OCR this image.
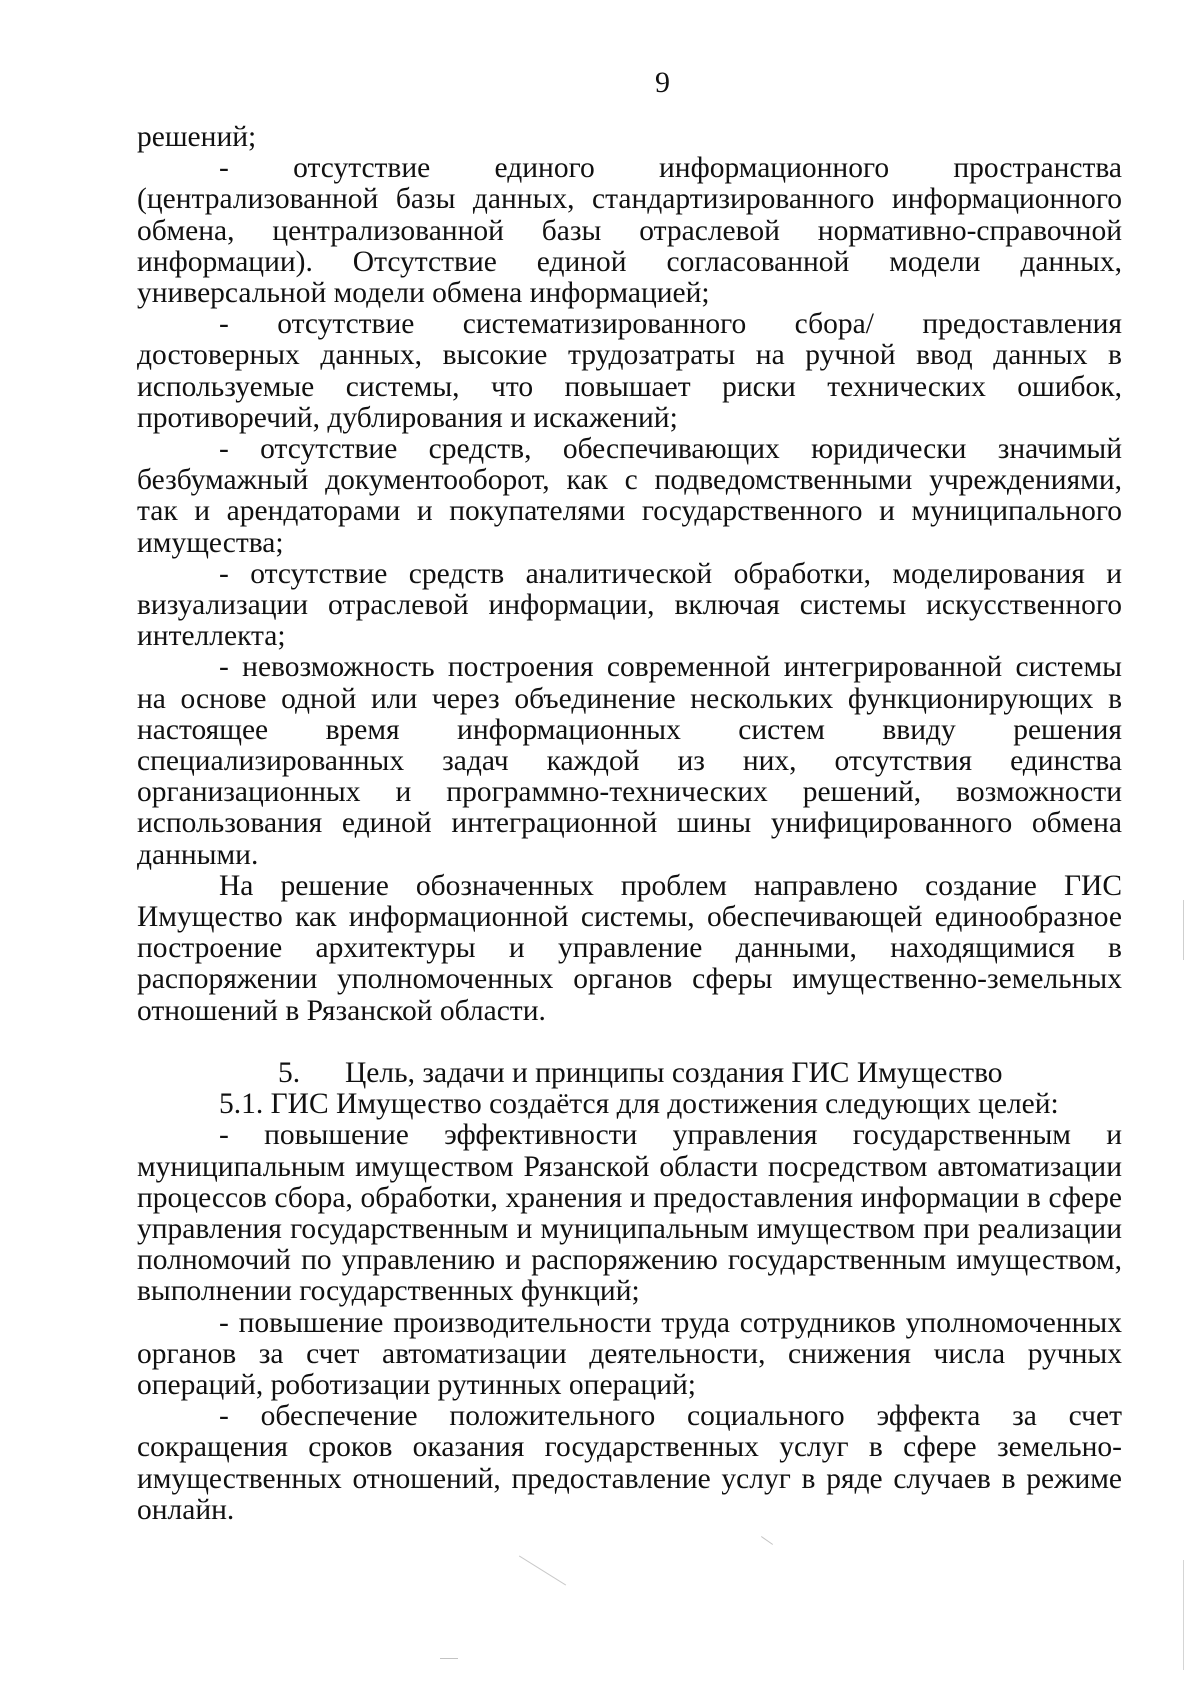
9

решений;

- отсутствие единого информационного пространства (централизованной базы данных, стандартизированного информационного обмена, централизованной базы отраслевой нормативно-справочной информации). Отсутствие единой согласованной модели данных, универсальной модели обмена информацией;

- отсутствие систематизированного сбора/ предоставления достоверных данных, высокие трудозатраты на ручной ввод данных в используемые системы, что повышает риски технических ошибок, противоречий, дублирования и искажений;

- отсутствие средств, обеспечивающих юридически значимый безбумажный документооборот, как с подведомственными учреждениями, так и арендаторами и покупателями государственного и муниципального имущества;

- отсутствие средств аналитической обработки, моделирования и визуализации отраслевой информации, включая системы искусственного интеллекта;

- невозможность построения современной интегрированной системы на основе одной или через объединение нескольких функционирующих в настоящее время информационных систем ввиду решения специализированных задач каждой из них, отсутствия единства организационных и программно-технических решений, возможности использования единой интеграционной шины унифицированного обмена данными.

На решение обозначенных проблем направлено создание ГИС Имущество как информационной системы, обеспечивающей единообразное построение архитектуры и управление данными, находящимися в распоряжении уполномоченных органов сферы имущественно-земельных отношений в Рязанской области.

5. Цель, задачи и принципы создания ГИС Имущество

5.1. ГИС Имущество создаётся для достижения следующих целей:

- повышение эффективности управления государственным и муниципальным имуществом Рязанской области посредством автоматизации процессов сбора, обработки, хранения и предоставления информации в сфере управления государственным и муниципальным имуществом при реализации полномочий по управлению и распоряжению государственным имуществом, выполнении государственных функций;

- повышение производительности труда сотрудников уполномоченных органов за счет автоматизации деятельности, снижения числа ручных операций, роботизации рутинных операций;

- обеспечение положительного социального эффекта за счет сокращения сроков оказания государственных услуг в сфере земельно-имущественных отношений, предоставление услуг в ряде случаев в режиме онлайн.
